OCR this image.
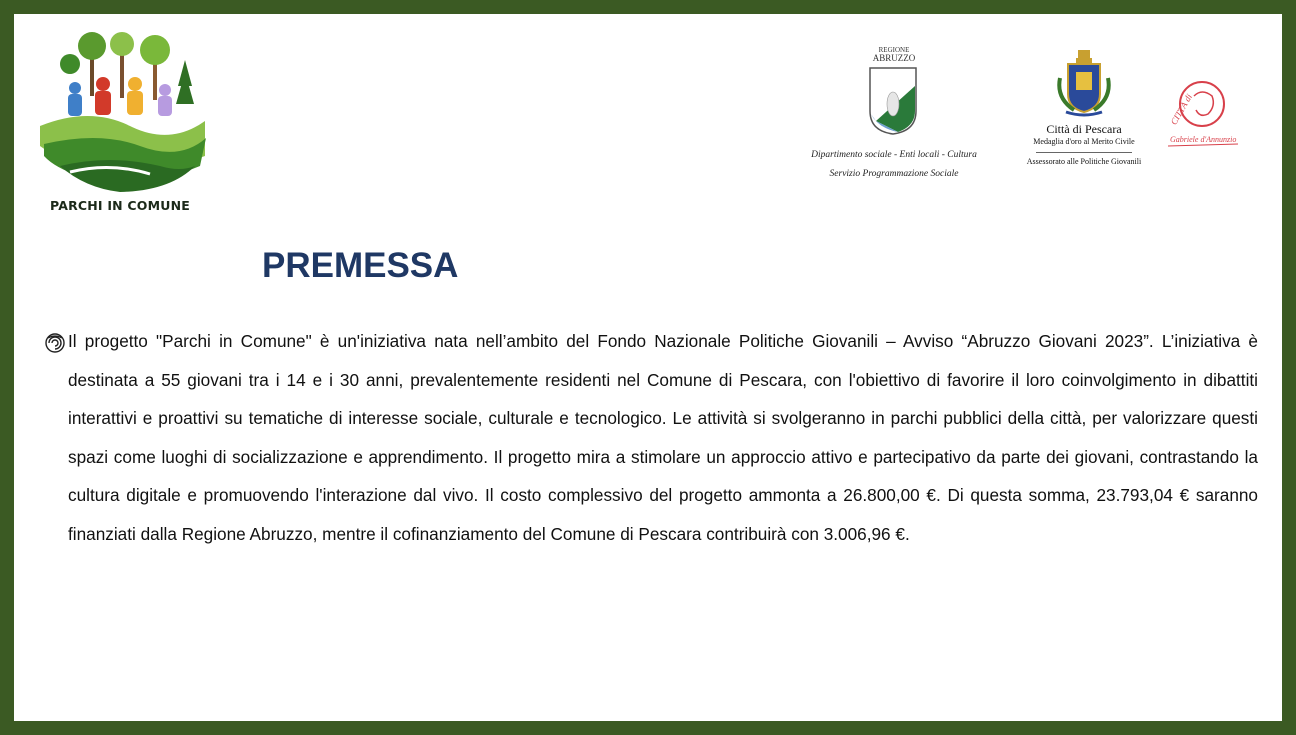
PARCHI IN COMUNE
REGIONE
ABRUZZO
Dipartimento sociale - Enti locali - Cultura
Servizio Programmazione Sociale
Città di Pescara
Medaglia d'oro al Merito Civile
Assessorato alle Politiche Giovanili
CITTÀ di
Gabriele d'Annunzio
PREMESSA

Il progetto "Parchi in Comune" è un'iniziativa nata nell’ambito del Fondo Nazionale Politiche Giovanili – Avviso “Abruzzo Giovani 2023”. L’iniziativa è destinata a 55 giovani tra i 14 e i 30 anni, prevalentemente residenti nel Comune di Pescara, con l'obiettivo di favorire il loro coinvolgimento in dibattiti interattivi e proattivi su tematiche di interesse sociale, culturale e tecnologico. Le attività si svolgeranno in parchi pubblici della città, per valorizzare questi spazi come luoghi di socializzazione e apprendimento. Il progetto mira a stimolare un approccio attivo e partecipativo da parte dei giovani, contrastando la cultura digitale e promuovendo l'interazione dal vivo. Il costo complessivo del progetto ammonta a 26.800,00 €. Di questa somma, 23.793,04 € saranno finanziati dalla Regione Abruzzo, mentre il cofinanziamento del Comune di Pescara contribuirà con 3.006,96 €.
